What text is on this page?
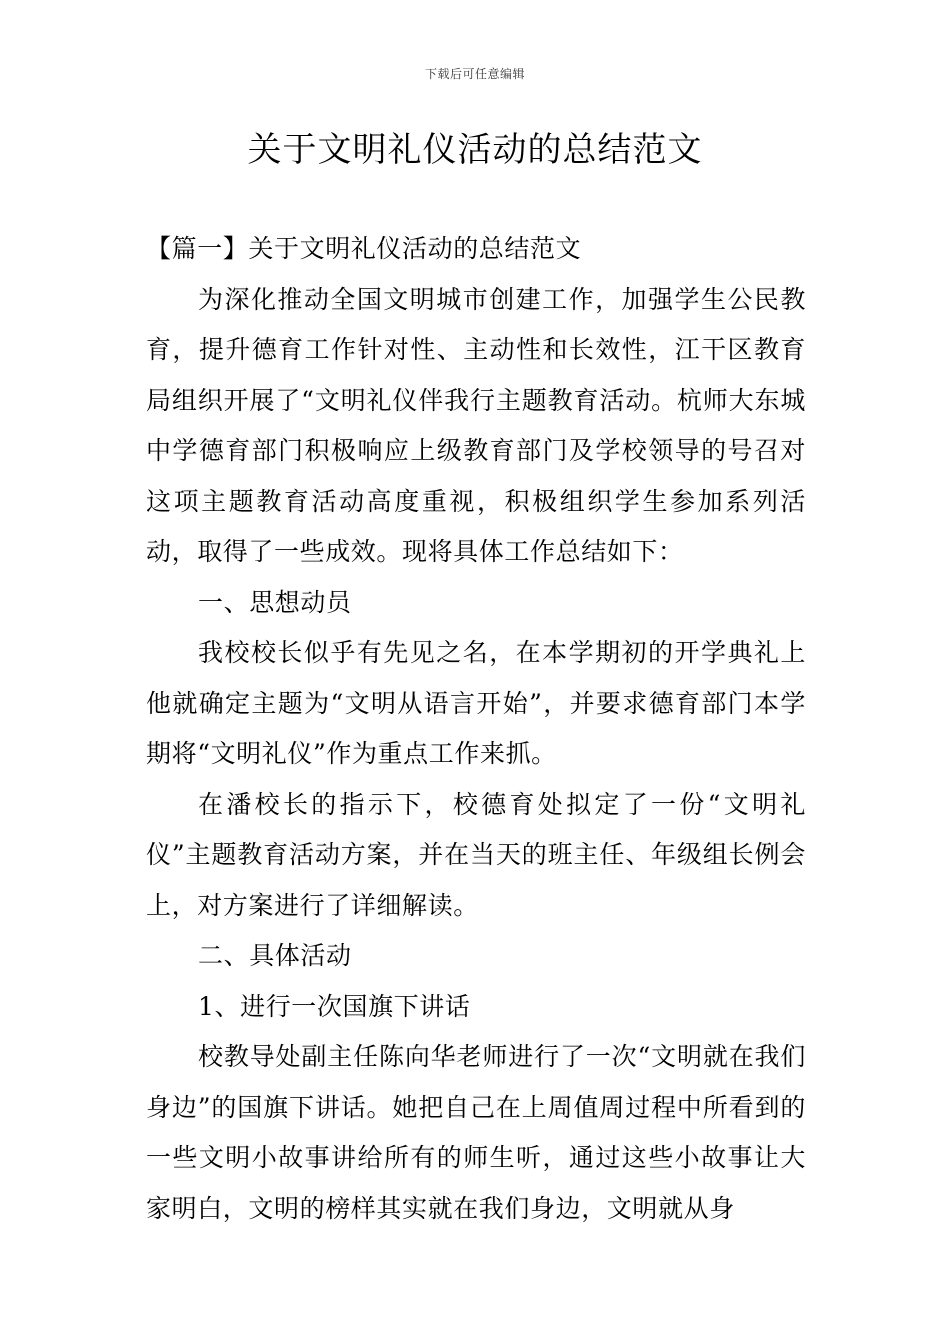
下载后可任意编辑
关于文明礼仪活动的总结范文

【篇一】关于文明礼仪活动的总结范文

为深化推动全国文明城市创建工作，加强学生公民教育，提升德育工作针对性、主动性和长效性，江干区教育局组织开展了“文明礼仪伴我行主题教育活动。杭师大东城中学德育部门积极响应上级教育部门及学校领导的号召对这项主题教育活动高度重视，积极组织学生参加系列活动，取得了一些成效。现将具体工作总结如下：

一、思想动员

我校校长似乎有先见之名，在本学期初的开学典礼上他就确定主题为“文明从语言开始”，并要求德育部门本学期将“文明礼仪”作为重点工作来抓。

在潘校长的指示下，校德育处拟定了一份“文明礼仪”主题教育活动方案，并在当天的班主任、年级组长例会上，对方案进行了详细解读。

二、具体活动

1、进行一次国旗下讲话

校教导处副主任陈向华老师进行了一次“文明就在我们身边”的国旗下讲话。她把自己在上周值周过程中所看到的一些文明小故事讲给所有的师生听，通过这些小故事让大家明白，文明的榜样其实就在我们身边，文明就从身
